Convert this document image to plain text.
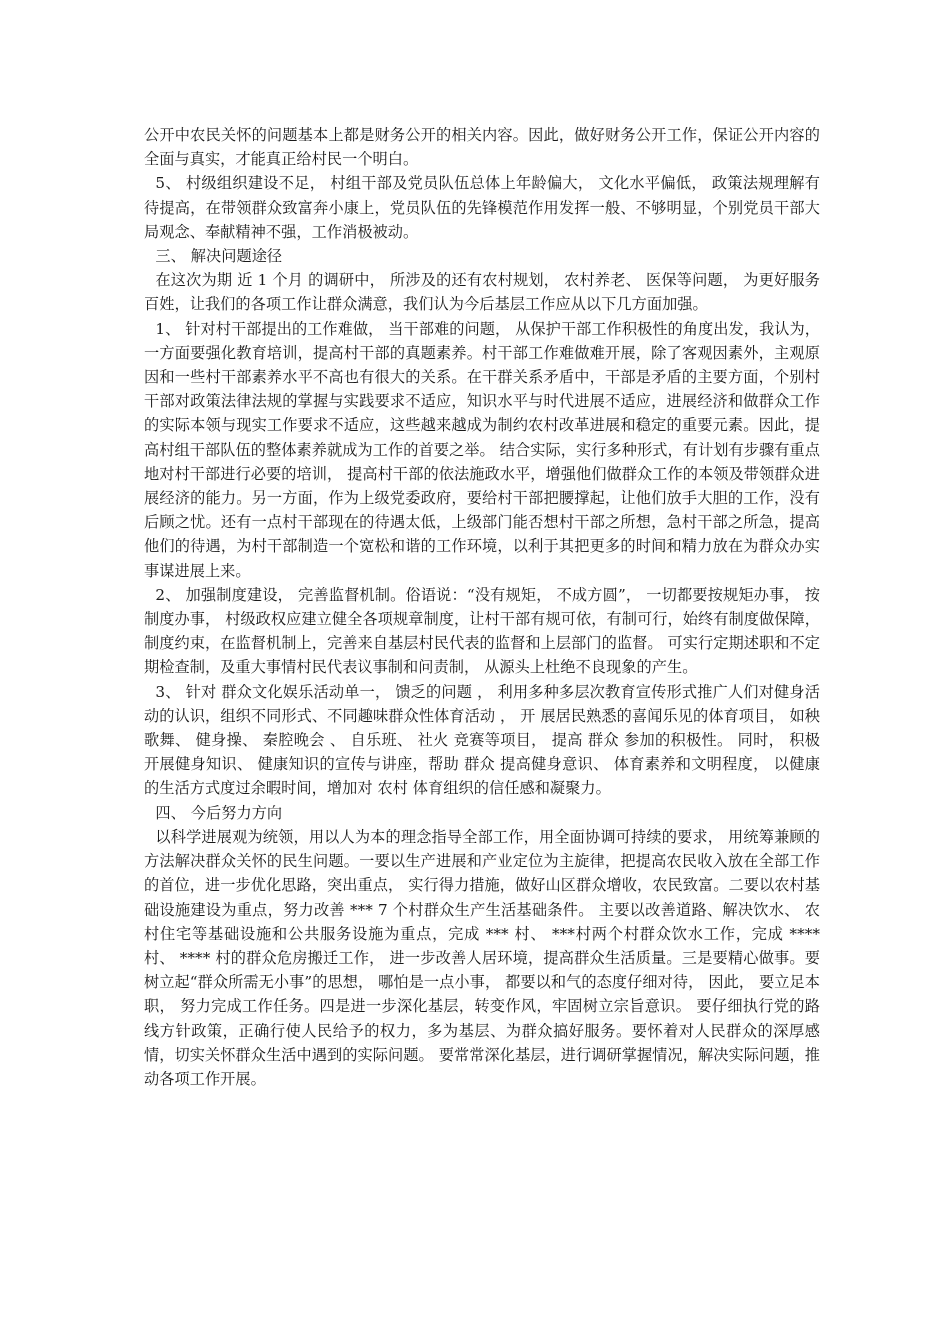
公开中农民关怀的问题基本上都是财务公开的相关内容。因此，做好财务公开工作，保证公开内容的全面与真实，才能真正给村民一个明白。

5、 村级组织建设不足， 村组干部及党员队伍总体上年龄偏大， 文化水平偏低， 政策法规理解有待提高，在带领群众致富奔小康上，党员队伍的先锋模范作用发挥一般、不够明显，个别党员干部大局观念、奉献精神不强，工作消极被动。

三、 解决问题途径

在这次为期 近 1 个月 的调研中， 所涉及的还有农村规划， 农村养老、 医保等问题， 为更好服务百姓，让我们的各项工作让群众满意，我们认为今后基层工作应从以下几方面加强。

1、 针对村干部提出的工作难做， 当干部难的问题， 从保护干部工作积极性的角度出发，我认为，一方面要强化教育培训，提高村干部的真题素养。村干部工作难做难开展，除了客观因素外，主观原因和一些村干部素养水平不高也有很大的关系。在干群关系矛盾中，干部是矛盾的主要方面，个别村干部对政策法律法规的掌握与实践要求不适应，知识水平与时代进展不适应，进展经济和做群众工作的实际本领与现实工作要求不适应，这些越来越成为制约农村改革进展和稳定的重要元素。因此，提高村组干部队伍的整体素养就成为工作的首要之举。 结合实际，实行多种形式，有计划有步骤有重点地对村干部进行必要的培训， 提高村干部的依法施政水平，增强他们做群众工作的本领及带领群众进展经济的能力。另一方面，作为上级党委政府，要给村干部把腰撑起，让他们放手大胆的工作，没有后顾之忧。还有一点村干部现在的待遇太低，上级部门能否想村干部之所想，急村干部之所急，提高他们的待遇，为村干部制造一个宽松和谐的工作环境，以利于其把更多的时间和精力放在为群众办实事谋进展上来。

2、 加强制度建设， 完善监督机制。俗语说：“没有规矩， 不成方圆”， 一切都要按规矩办事， 按制度办事， 村级政权应建立健全各项规章制度，让村干部有规可依，有制可行，始终有制度做保障， 制度约束，在监督机制上，完善来自基层村民代表的监督和上层部门的监督。 可实行定期述职和不定期检查制，及重大事情村民代表议事制和问责制， 从源头上杜绝不良现象的产生。

3、 针对 群众文化娱乐活动单一， 馈乏的问题 ， 利用多种多层次教育宣传形式推广人们对健身活动的认识，组织不同形式、不同趣味群众性体育活动 ， 开 展居民熟悉的喜闻乐见的体育项目， 如秧歌舞、 健身操、 秦腔晚会 、 自乐班、 社火 竞赛等项目， 提高 群众 参加的积极性。 同时， 积极开展健身知识、 健康知识的宣传与讲座，帮助 群众 提高健身意识、 体育素养和文明程度， 以健康的生活方式度过余暇时间，增加对 农村 体育组织的信任感和凝聚力。

四、 今后努力方向

以科学进展观为统领，用以人为本的理念指导全部工作，用全面协调可持续的要求， 用统筹兼顾的方法解决群众关怀的民生问题。一要以生产进展和产业定位为主旋律，把提高农民收入放在全部工作的首位，进一步优化思路，突出重点， 实行得力措施，做好山区群众增收，农民致富。二要以农村基础设施建设为重点，努力改善 *** 7 个村群众生产生活基础条件。 主要以改善道路、解决饮水、 农村住宅等基础设施和公共服务设施为重点，完成 *** 村、 ***村两个村群众饮水工作，完成 **** 村、 **** 村的群众危房搬迁工作， 进一步改善人居环境，提高群众生活质量。三是要精心做事。要树立起“群众所需无小事”的思想， 哪怕是一点小事， 都要以和气的态度仔细对待， 因此， 要立足本职， 努力完成工作任务。四是进一步深化基层，转变作风，牢固树立宗旨意识。 要仔细执行党的路线方针政策，正确行使人民给予的权力，多为基层、为群众搞好服务。要怀着对人民群众的深厚感情，切实关怀群众生活中遇到的实际问题。 要常常深化基层，进行调研掌握情况，解决实际问题，推动各项工作开展。
